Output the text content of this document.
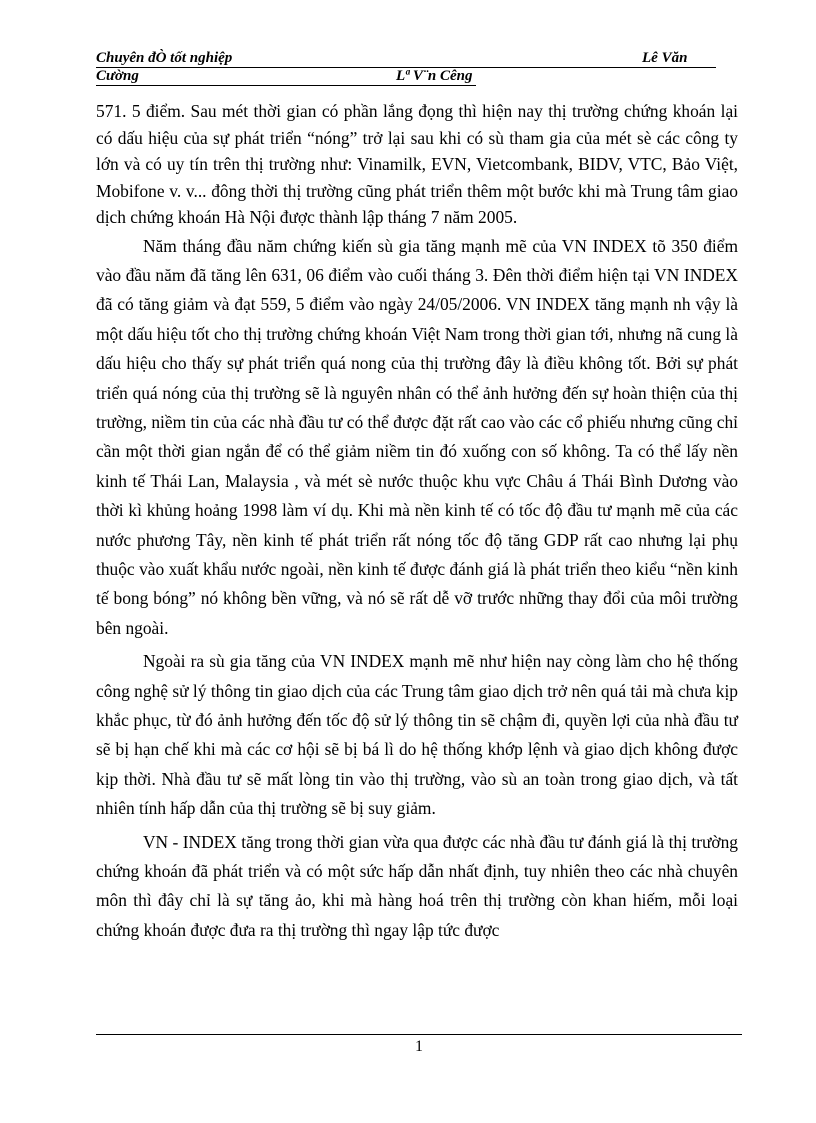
Chuyên đÒ tốt nghiệp	Lê Văn
Cường	Lª V¨n Cêng

571. 5 điểm. Sau mét thời gian có phần lắng đọng thì hiện nay thị trường chứng khoán lại có dấu hiệu của sự phát triển “nóng” trở lại sau khi có sù tham gia của mét sè các công ty lớn và có uy tín trên thị trường như: Vinamilk, EVN, Vietcombank, BIDV, VTC, Bảo Việt, Mobifone v. v... đông thời thị trường cũng phát triển thêm một bước khi mà Trung tâm giao dịch chứng khoán Hà Nội được thành lập tháng 7 năm 2005.

Năm tháng đầu năm chứng kiến sù gia tăng mạnh mẽ của VN INDEX tõ 350 điểm vào đầu năm đã tăng lên 631, 06 điểm vào cuối tháng 3. Đên thời điểm hiện tại VN INDEX đã có tăng giảm và đạt 559, 5 điểm vào ngày 24/05/2006. VN INDEX tăng mạnh nh vậy là một dấu hiệu tốt cho thị trường chứng khoán Việt Nam trong thời gian tới, nhưng nã cung là dấu hiệu cho thấy sự phát triển quá nong của thị trường đây là điều không tốt. Bởi sự phát triển quá nóng của thị trường sẽ là nguyên nhân có thể ảnh hưởng đến sự hoàn thiện của thị trường, niềm tin của các nhà đầu tư có thể được đặt rất cao vào các cổ phiếu nhưng cũng chỉ cần một thời gian ngắn để có thể giảm niềm tin đó xuống con số không. Ta có thể lấy nền kinh tế Thái Lan, Malaysia , và mét sè nước thuộc khu vực Châu á Thái Bình Dương vào thời kì khủng hoảng 1998 làm ví dụ. Khi mà nền kinh tế có tốc độ đầu tư mạnh mẽ của các nước phương Tây, nền kinh tế phát triển rất nóng tốc độ tăng GDP rất cao nhưng lại phụ thuộc vào xuất khẩu nước ngoài, nền kinh tế được đánh giá là phát triển theo kiểu “nền kinh tế bong bóng” nó không bền vững, và nó sẽ rất dễ vỡ trước những thay đổi của môi trường bên ngoài.

Ngoài ra sù gia tăng của VN INDEX mạnh mẽ như hiện nay còng làm cho hệ thống công nghệ sử lý thông tin giao dịch của các Trung tâm giao dịch trở nên quá tải mà chưa kịp khắc phục, từ đó ảnh hưởng đến tốc độ sử lý thông tin sẽ chậm đi, quyền lợi của nhà đầu tư sẽ bị hạn chế khi mà các cơ hội sẽ bị bá lì do hệ thống khớp lệnh và giao dịch không được kịp thời. Nhà đầu tư sẽ mất lòng tin vào thị trường, vào sù an toàn trong giao dịch, và tất nhiên tính hấp dẫn của thị trường sẽ bị suy giảm.

VN - INDEX tăng trong thời gian vừa qua được các nhà đầu tư đánh giá là thị trường chứng khoán đã phát triển và có một sức hấp dẫn nhất định, tuy nhiên theo các nhà chuyên môn thì đây chỉ là sự tăng ảo, khi mà hàng hoá trên thị trường còn khan hiếm, mỗi loại chứng khoán được đưa ra thị trường thì ngay lập tức được

1
